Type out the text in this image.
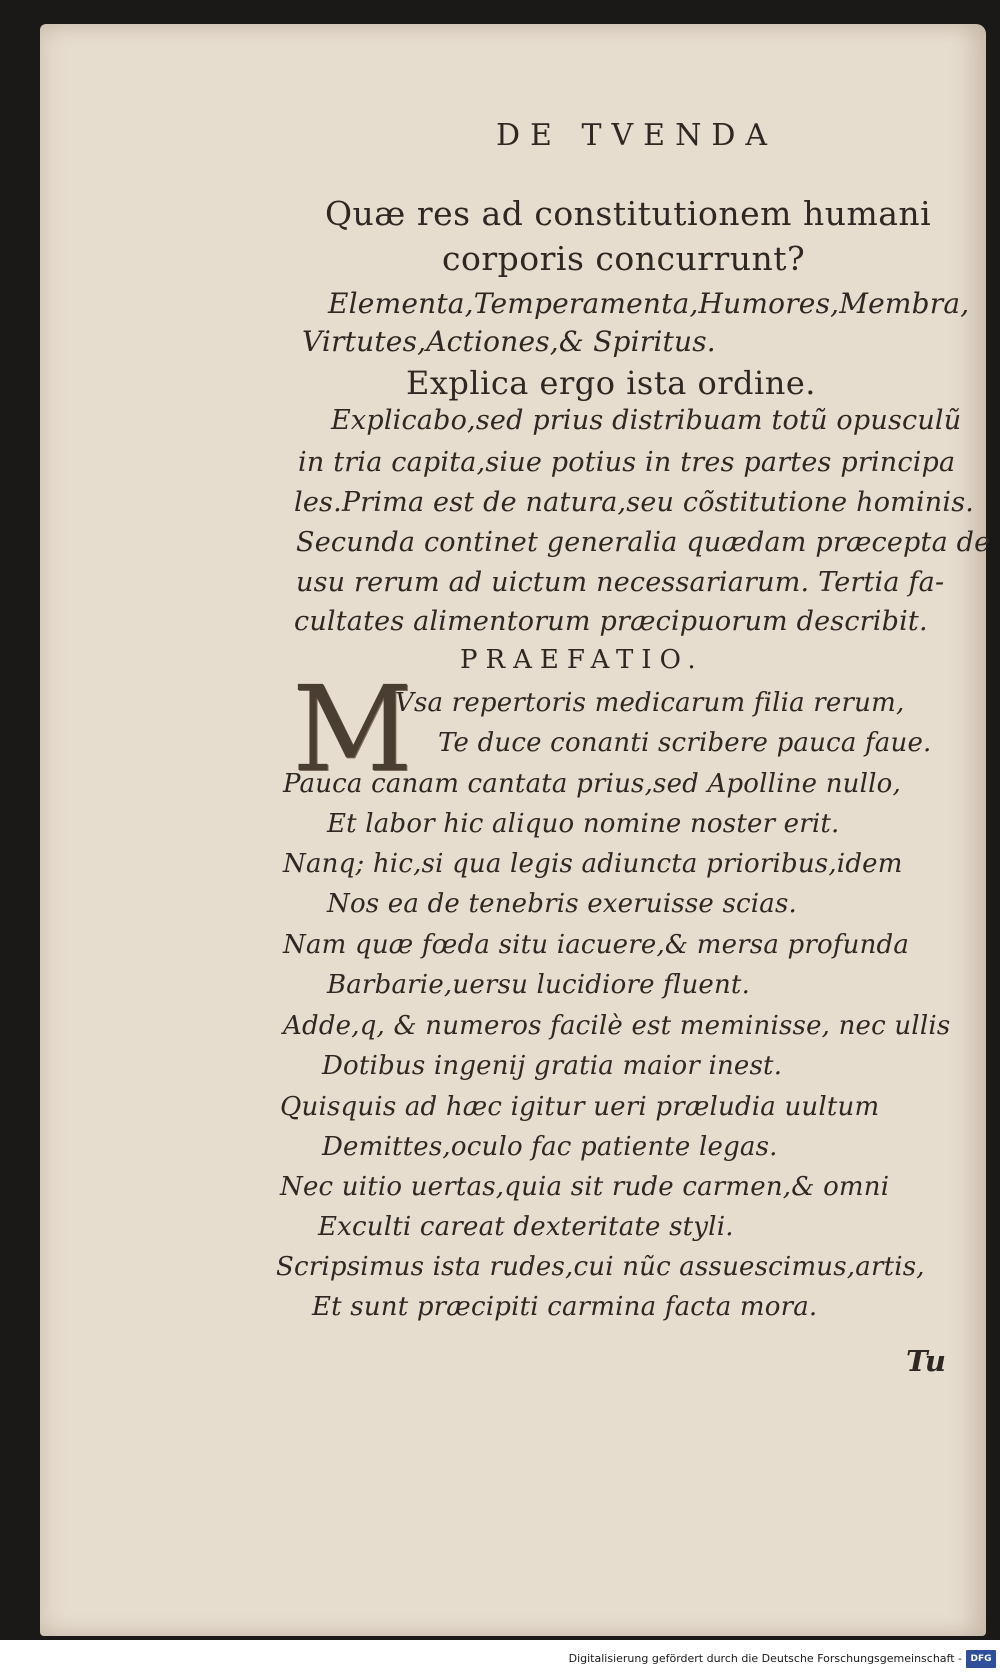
DE TVENDA
Quæ res ad constitutionem humani
corporis concurrunt?
Elementa,Temperamenta,Humores,Membra,
Virtutes,Actiones,& Spiritus.
Explica ergo ista ordine.
Explicabo,sed prius distribuam totũ opusculũ
in tria capita,siue potius in tres partes principa
les.Prima est de natura,seu cõstitutione hominis.
Secunda continet generalia quædam præcepta de
usu rerum ad uictum necessariarum. Tertia fa-
cultates alimentorum præcipuorum describit.
PRAEFATIO.
M
Vsa repertoris medicarum filia rerum,
Te duce conanti scribere pauca faue.
Pauca canam cantata prius,sed Apolline nullo,
Et labor hic aliquo nomine noster erit.
Nanq; hic,si qua legis adiuncta prioribus,idem
Nos ea de tenebris exeruisse scias.
Nam quæ fœda situ iacuere,& mersa profunda
Barbarie,uersu lucidiore fluent.
Adde,q, & numeros facilè est meminisse, nec ullis
Dotibus ingenij gratia maior inest.
Quisquis ad hæc igitur ueri præludia uultum
Demittes,oculo fac patiente legas.
Nec uitio uertas,quia sit rude carmen,& omni
Exculti careat dexteritate styli.
Scripsimus ista rudes,cui nũc assuescimus,artis,
Et sunt præcipiti carmina facta mora.
Tu
Digitalisierung gefördert durch die Deutsche Forschungsgemeinschaft - DFG
